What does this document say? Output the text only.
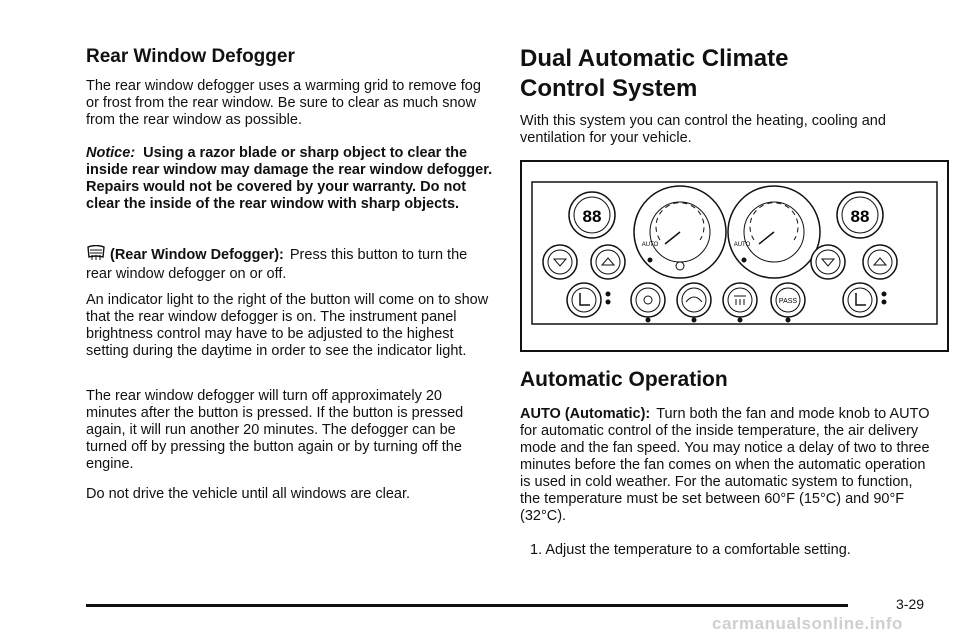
Rear Window Defogger

The rear window defogger uses a warming grid to remove fog or frost from the rear window. Be sure to clear as much snow from the rear window as possible.

Notice: Using a razor blade or sharp object to clear the inside rear window may damage the rear window defogger. Repairs would not be covered by your warranty. Do not clear the inside of the rear window with sharp objects.

(Rear Window Defogger): Press this button to turn the rear window defogger on or off.

An indicator light to the right of the button will come on to show that the rear window defogger is on. The instrument panel brightness control may have to be adjusted to the highest setting during the daytime in order to see the indicator light.

The rear window defogger will turn off approximately 20 minutes after the button is pressed. If the button is pressed again, it will run another 20 minutes. The defogger can be turned off by pressing the button again or by turning off the engine.

Do not drive the vehicle until all windows are clear.

Dual Automatic Climate
Control System

With this system you can control the heating, cooling and ventilation for your vehicle.

Automatic Operation

AUTO (Automatic): Turn both the fan and mode knob to AUTO for automatic control of the inside temperature, the air delivery mode and the fan speed. You may notice a delay of two to three minutes before the fan comes on when the automatic operation is used in cold weather. For the automatic system to function, the temperature must be set between 60°F (15°C) and 90°F (32°C).

1. Adjust the temperature to a comfortable setting.

88	88
AUTO	AUTO
PASS
3-29
carmanualsonline.info
